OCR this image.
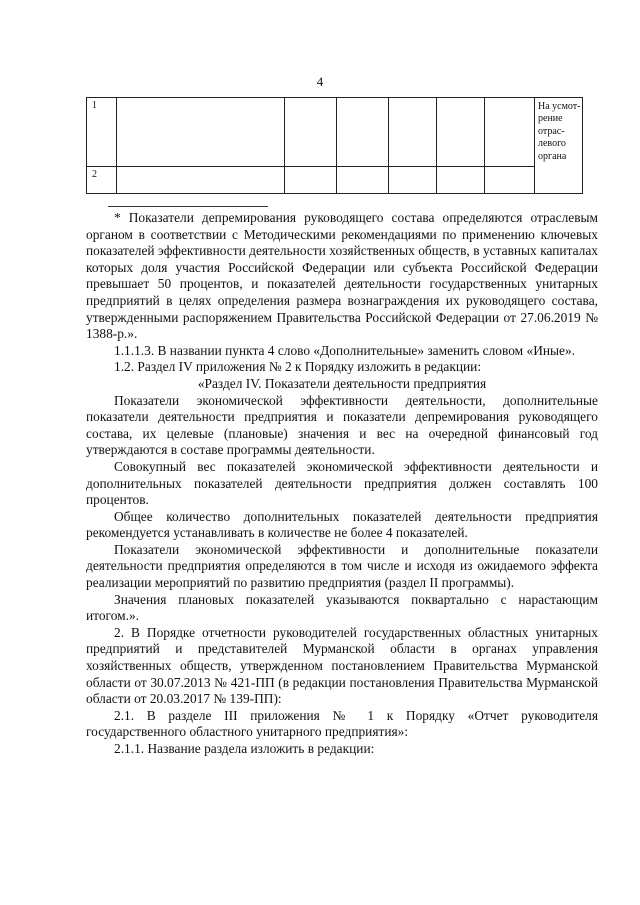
4
1							На усмот-рение отрас-левого органа
2							

* Показатели депремирования руководящего состава определяются отраслевым органом в соответствии с Методическими рекомендациями по применению ключевых показателей эффективности деятельности хозяйственных обществ, в уставных капиталах которых доля участия Российской Федерации или субъекта Российской Федерации превышает 50 процентов, и показателей деятельности государственных унитарных предприятий в целях определения размера вознаграждения их руководящего состава, утвержденными распоряжением Правительства Российской Федерации от 27.06.2019 № 1388-р.».

1.1.1.3. В названии пункта 4 слово «Дополнительные» заменить словом «Иные».

1.2. Раздел IV приложения № 2 к Порядку изложить в редакции:

«Раздел IV. Показатели деятельности предприятия

Показатели экономической эффективности деятельности, дополнительные показатели деятельности предприятия и показатели депремирования руководящего состава, их целевые (плановые) значения и вес на очередной финансовый год утверждаются в составе программы деятельности.

Совокупный вес показателей экономической эффективности деятельности и дополнительных показателей деятельности предприятия должен составлять 100 процентов.

Общее количество дополнительных показателей деятельности предприятия рекомендуется устанавливать в количестве не более 4 показателей.

Показатели экономической эффективности и дополнительные показатели деятельности предприятия определяются в том числе и исходя из ожидаемого эффекта реализации мероприятий по развитию предприятия (раздел II программы).

Значения плановых показателей указываются поквартально с нарастающим итогом.».

2. В Порядке отчетности руководителей государственных областных унитарных предприятий и представителей Мурманской области в органах управления хозяйственных обществ, утвержденном постановлением Правительства Мурманской области от 30.07.2013 № 421-ПП (в редакции постановления Правительства Мурманской области от 20.03.2017 № 139-ПП):

2.1. В разделе III приложения № 1 к Порядку «Отчет руководителя государственного областного унитарного предприятия»:

2.1.1. Название раздела изложить в редакции:
